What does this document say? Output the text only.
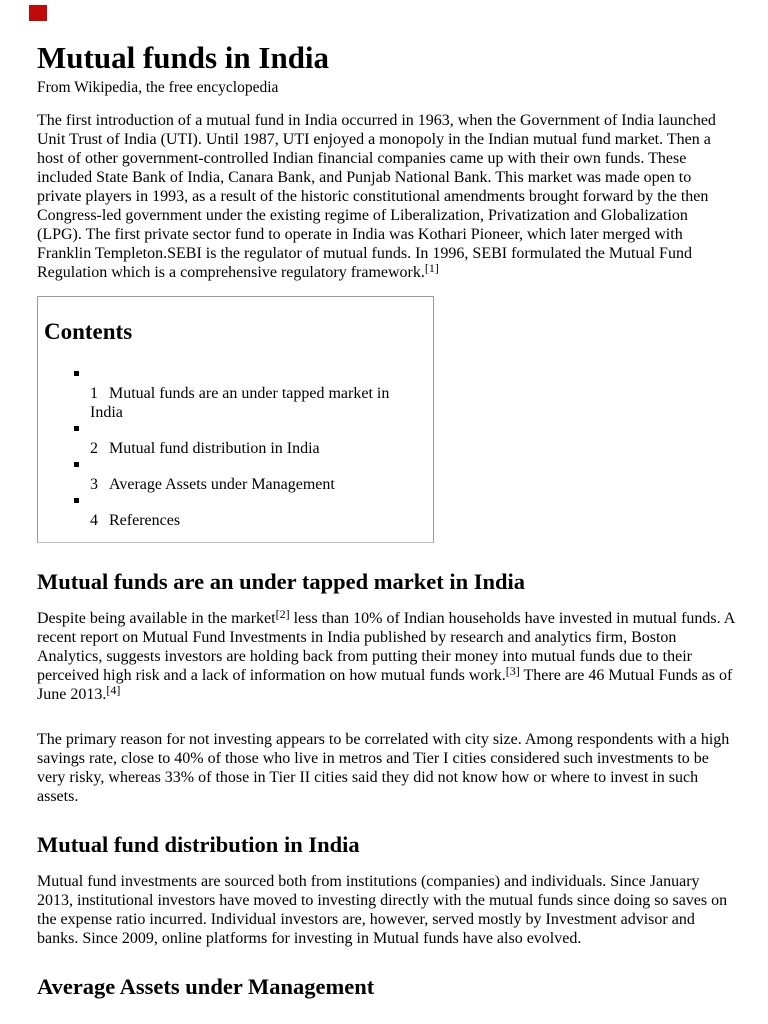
Mutual funds in India
From Wikipedia, the free encyclopedia

The first introduction of a mutual fund in India occurred in 1963, when the Government of India launched Unit Trust of India (UTI). Until 1987, UTI enjoyed a monopoly in the Indian mutual fund market. Then a host of other government-controlled Indian financial companies came up with their own funds. These included State Bank of India, Canara Bank, and Punjab National Bank. This market was made open to private players in 1993, as a result of the historic constitutional amendments brought forward by the then Congress-led government under the existing regime of Liberalization, Privatization and Globalization (LPG). The first private sector fund to operate in India was Kothari Pioneer, which later merged with Franklin Templeton.SEBI is the regulator of mutual funds. In 1996, SEBI formulated the Mutual Fund Regulation which is a comprehensive regulatory framework.[1]

Contents
1 Mutual funds are an under tapped market in India
2 Mutual fund distribution in India
3 Average Assets under Management
4 References
Mutual funds are an under tapped market in India

Despite being available in the market[2] less than 10% of Indian households have invested in mutual funds. A recent report on Mutual Fund Investments in India published by research and analytics firm, Boston Analytics, suggests investors are holding back from putting their money into mutual funds due to their perceived high risk and a lack of information on how mutual funds work.[3] There are 46 Mutual Funds as of June 2013.[4]

The primary reason for not investing appears to be correlated with city size. Among respondents with a high savings rate, close to 40% of those who live in metros and Tier I cities considered such investments to be very risky, whereas 33% of those in Tier II cities said they did not know how or where to invest in such assets.

Mutual fund distribution in India

Mutual fund investments are sourced both from institutions (companies) and individuals. Since January 2013, institutional investors have moved to investing directly with the mutual funds since doing so saves on the expense ratio incurred. Individual investors are, however, served mostly by Investment advisor and banks. Since 2009, online platforms for investing in Mutual funds have also evolved.

Average Assets under Management
